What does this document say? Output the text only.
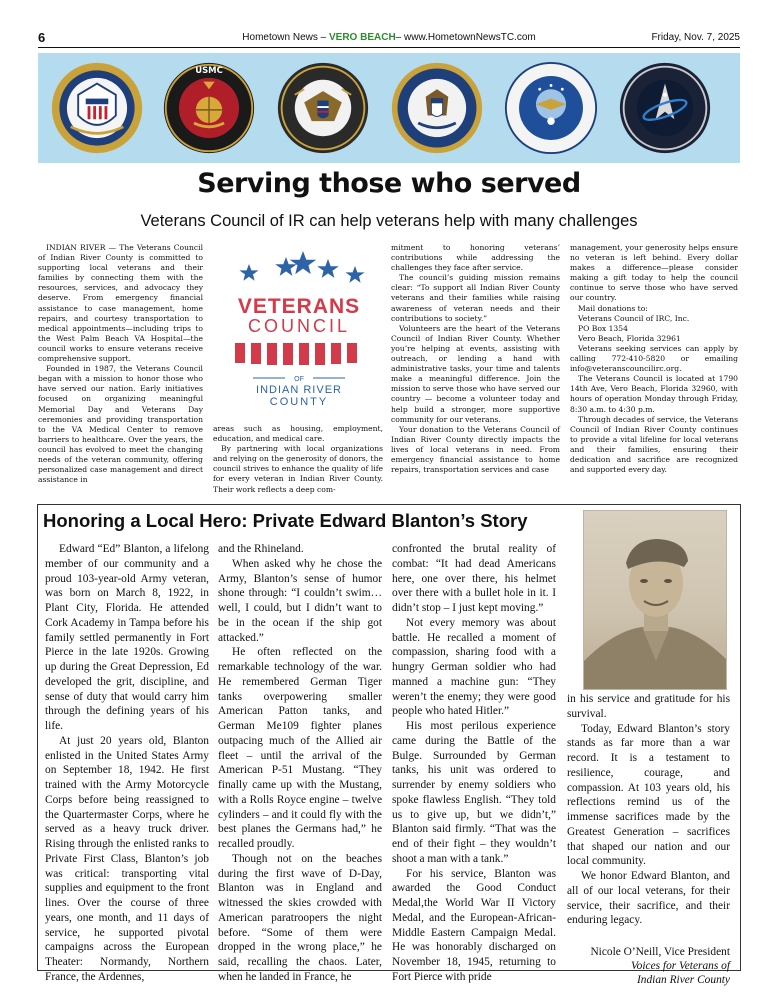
6	Hometown News – VERO BEACH– www.HometownNewsTC.com	Friday, Nov. 7, 2025
USMC
Serving those who served
Veterans Council of IR can help veterans help with many challenges

INDIAN RIVER — The Veterans Council of Indian River County is committed to supporting local veterans and their families by connecting them with the resources, services, and advocacy they deserve. From emergency financial assistance to case management, home repairs, and courtesy transportation to medical appointments—including trips to the West Palm Beach VA Hospital—the council works to ensure veterans receive comprehensive support.

Founded in 1987, the Veterans Council began with a mission to honor those who have served our nation. Early initiatives focused on organizing meaningful Memorial Day and Veterans Day ceremonies and providing transportation to the VA Medical Center to remove barriers to healthcare. Over the years, the council has evolved to meet the changing needs of the veteran community, offering personalized case management and direct assistance in

VETERANS
COUNCIL
OF
INDIAN RIVER
COUNTY

areas such as housing, employment, education, and medical care.

By partnering with local organizations and relying on the generosity of donors, the council strives to enhance the quality of life for every veteran in Indian River County. Their work reflects a deep com-

mitment to honoring veterans’ contributions while addressing the challenges they face after service.

The council’s guiding mission remains clear: “To support all Indian River County veterans and their families while raising awareness of veteran needs and their contributions to society.”

Volunteers are the heart of the Veterans Council of Indian River County. Whether you’re helping at events, assisting with outreach, or lending a hand with administrative tasks, your time and talents make a meaningful difference. Join the mission to serve those who have served our country — become a volunteer today and help build a stronger, more supportive community for our veterans.

Your donation to the Veterans Council of Indian River County directly impacts the lives of local veterans in need. From emergency financial assistance to home repairs, transportation services and case

management, your generosity helps ensure no veteran is left behind. Every dollar makes a difference—please consider making a gift today to help the council continue to serve those who have served our country.

Mail donations to:

Veterans Council of IRC, Inc.

PO Box 1354

Vero Beach, Florida 32961

Veterans seeking services can apply by calling 772-410-5820 or emailing info@veteranscouncilirc.org.

The Veterans Council is located at 1790 14th Ave, Vero Beach, Florida 32960, with hours of operation Monday through Friday, 8:30 a.m. to 4:30 p.m.

Through decades of service, the Veterans Council of Indian River County continues to provide a vital lifeline for local veterans and their families, ensuring their dedication and sacrifice are recognized and supported every day.

Honoring a Local Hero: Private Edward Blanton’s Story

Edward “Ed” Blanton, a lifelong member of our community and a proud 103-year-old Army veteran, was born on March 8, 1922, in Plant City, Florida. He attended Cork Academy in Tampa before his family settled permanently in Fort Pierce in the late 1920s. Growing up during the Great Depression, Ed developed the grit, discipline, and sense of duty that would carry him through the defining years of his life.

At just 20 years old, Blanton enlisted in the United States Army on September 18, 1942. He first trained with the Army Motorcycle Corps before being reassigned to the Quartermaster Corps, where he served as a heavy truck driver. Rising through the enlisted ranks to Private First Class, Blanton’s job was critical: transporting vital supplies and equipment to the front lines. Over the course of three years, one month, and 11 days of service, he supported pivotal campaigns across the European Theater: Normandy, Northern France, the Ardennes,

and the Rhineland.

When asked why he chose the Army, Blanton’s sense of humor shone through: “I couldn’t swim… well, I could, but I didn’t want to be in the ocean if the ship got attacked.”

He often reflected on the remarkable technology of the war. He remembered German Tiger tanks overpowering smaller American Patton tanks, and German Me109 fighter planes outpacing much of the Allied air fleet – until the arrival of the American P-51 Mustang. “They finally came up with the Mustang, with a Rolls Royce engine – twelve cylinders – and it could fly with the best planes the Germans had,” he recalled proudly.

Though not on the beaches during the first wave of D-Day, Blanton was in England and witnessed the skies crowded with American paratroopers the night before. “Some of them were dropped in the wrong place,” he said, recalling the chaos. Later, when he landed in France, he

confronted the brutal reality of combat: “It had dead Americans here, one over there, his helmet over there with a bullet hole in it. I didn’t stop – I just kept moving.”

Not every memory was about battle. He recalled a moment of compassion, sharing food with a hungry German soldier who had manned a machine gun: “They weren’t the enemy; they were good people who hated Hitler.”

His most perilous experience came during the Battle of the Bulge. Surrounded by German tanks, his unit was ordered to surrender by enemy soldiers who spoke flawless English. “They told us to give up, but we didn’t,” Blanton said firmly. “That was the end of their fight – they wouldn’t shoot a man with a tank.”

For his service, Blanton was awarded the Good Conduct Medal,the World War II Victory Medal, and the European-African-Middle Eastern Campaign Medal. He was honorably discharged on November 18, 1945, returning to Fort Pierce with pride

in his service and gratitude for his survival.

Today, Edward Blanton’s story stands as far more than a war record. It is a testament to resilience, courage, and compassion. At 103 years old, his reflections remind us of the immense sacrifices made by the Greatest Generation – sacrifices that shaped our nation and our local community.

We honor Edward Blanton, and all of our local veterans, for their service, their sacrifice, and their enduring legacy.

Nicole O’Neill, Vice President
Voices for Veterans of
Indian River County
